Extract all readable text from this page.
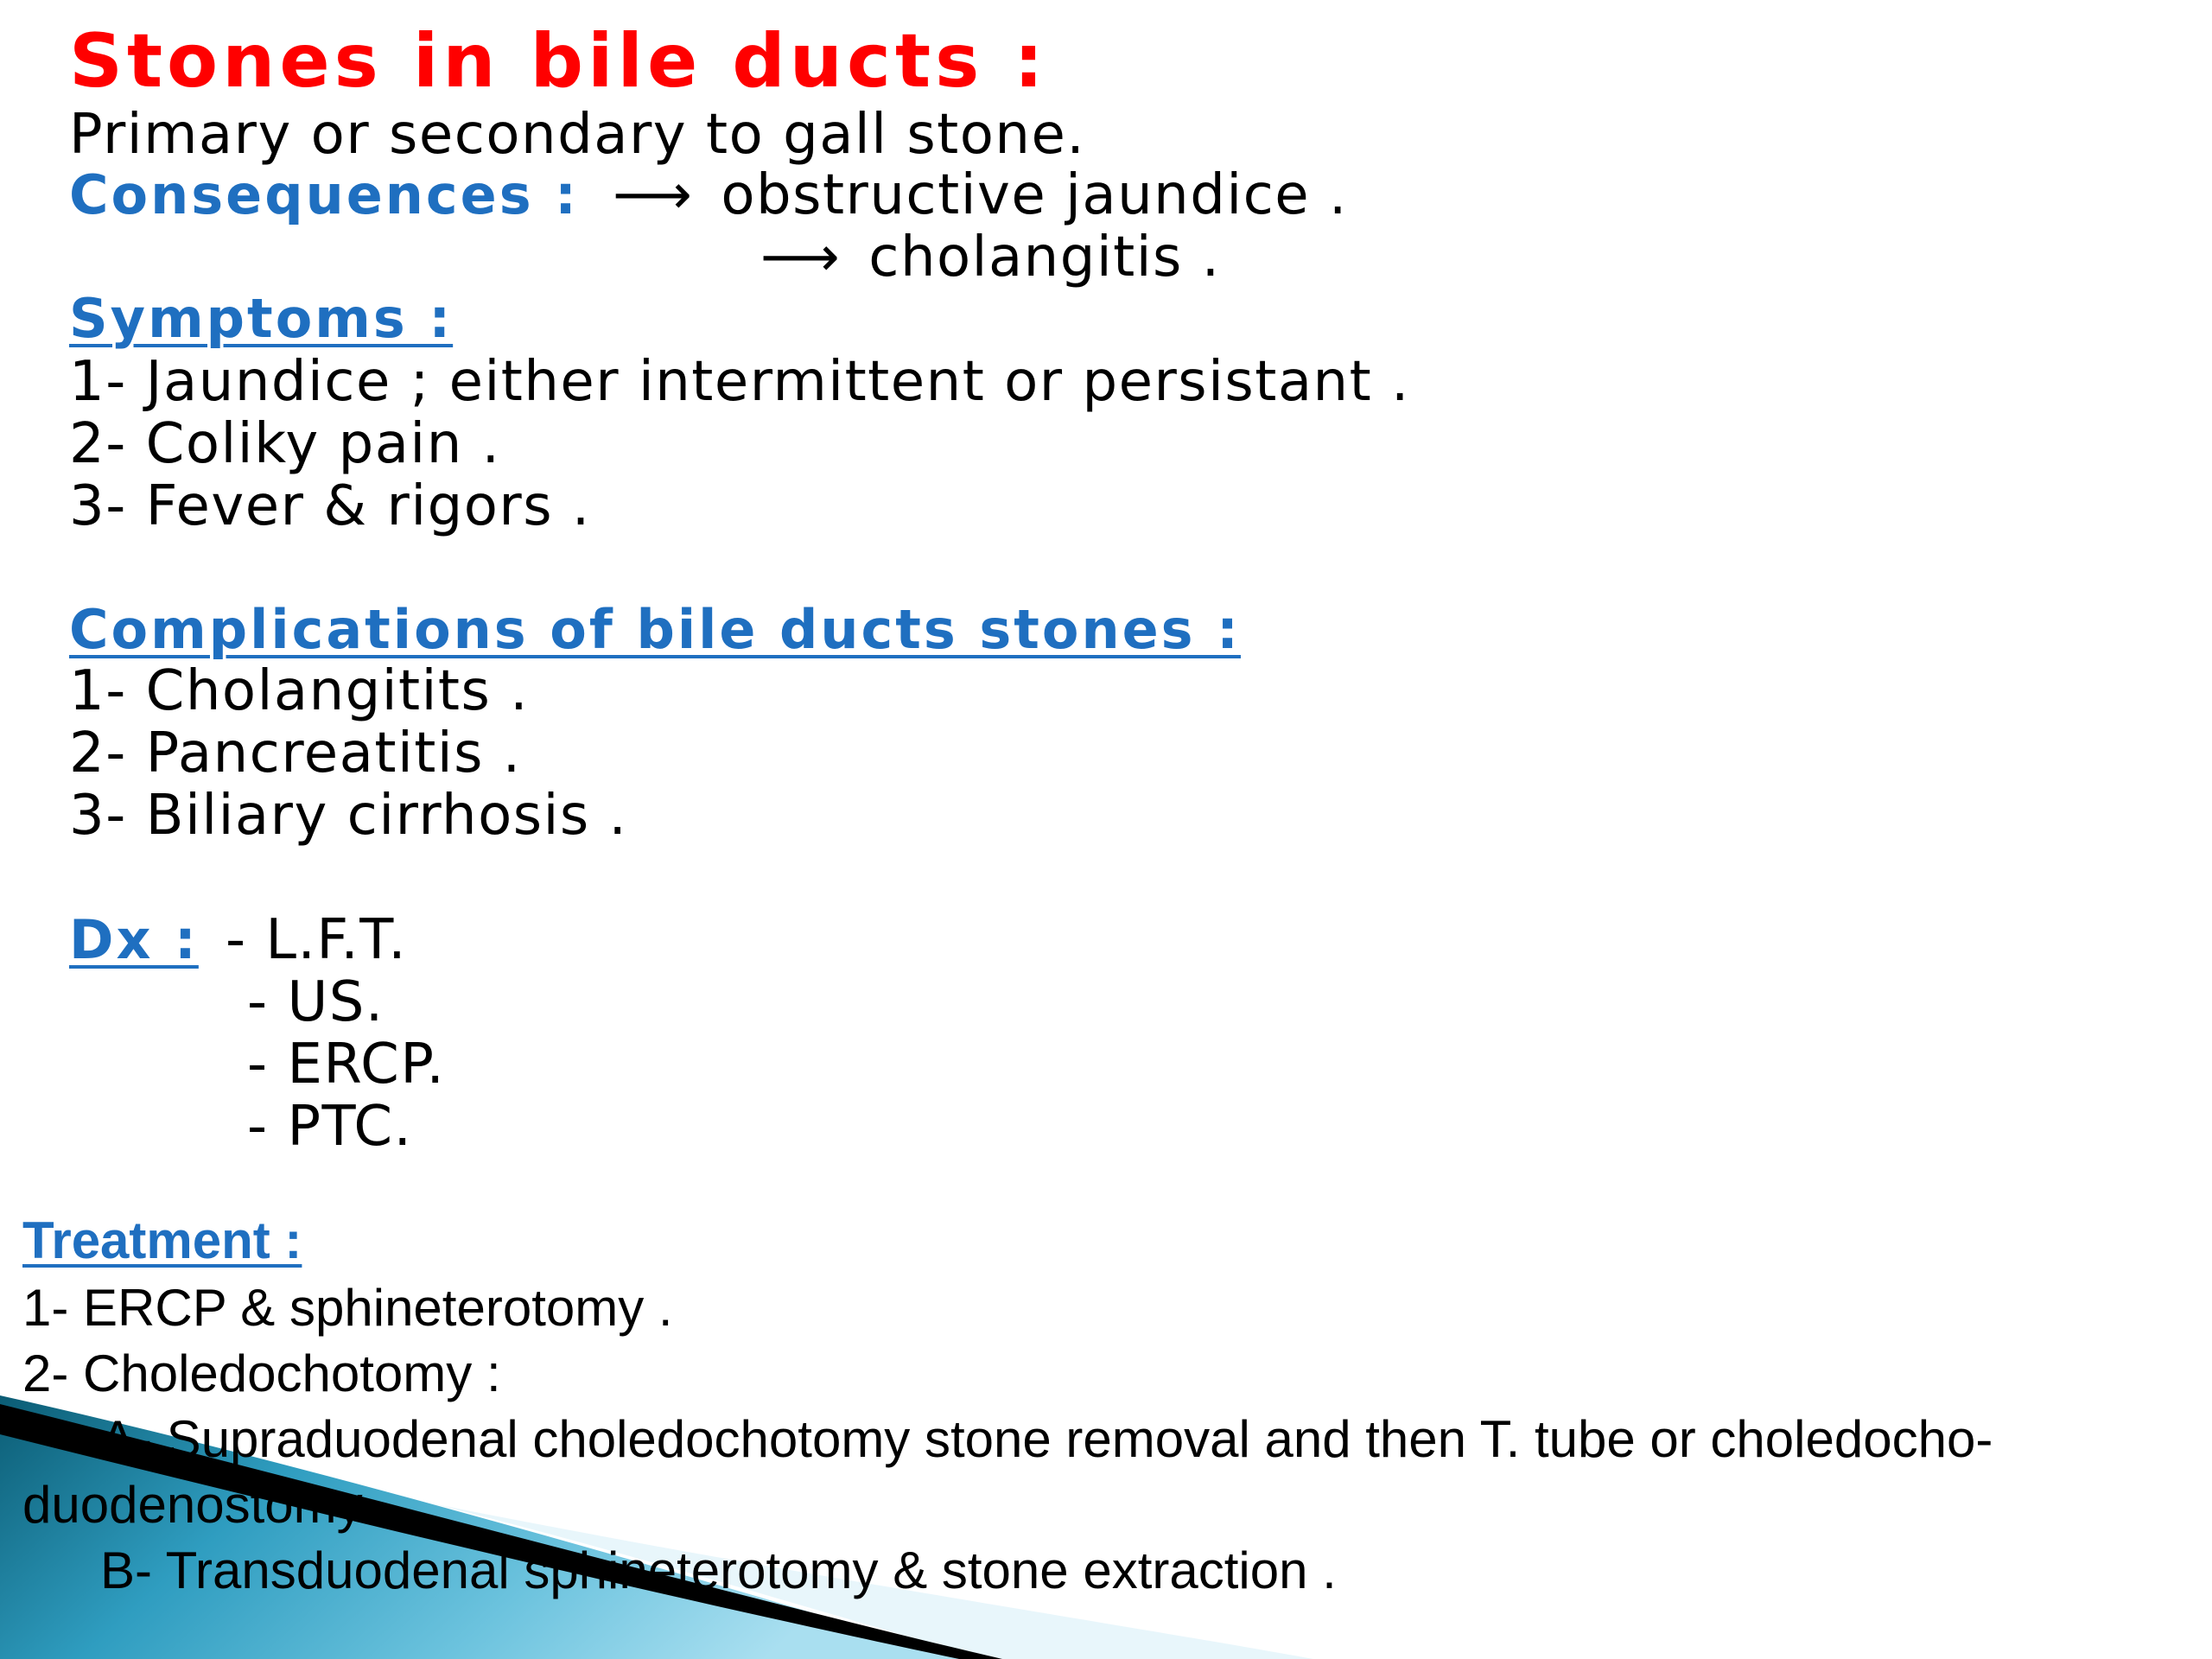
Stones in bile ducts :
Primary or secondary to gall stone.
Consequences : ⟶ obstructive jaundice .
⟶ cholangitis .
Symptoms :
1- Jaundice ; either intermittent or persistant .
2- Coliky pain .
3- Fever & rigors .
Complications of bile ducts stones :
1- Cholangitits .
2- Pancreatitis .
3- Biliary cirrhosis .
Dx : - L.F.T.
- US.
- ERCP.
- PTC.
Treatment :
1- ERCP & sphineterotomy .
2- Choledochotomy :
A- Supraduodenal choledochotomy stone removal and then T. tube or choledocho-
duodenostomy
B- Transduodenal sphineterotomy & stone extraction .
